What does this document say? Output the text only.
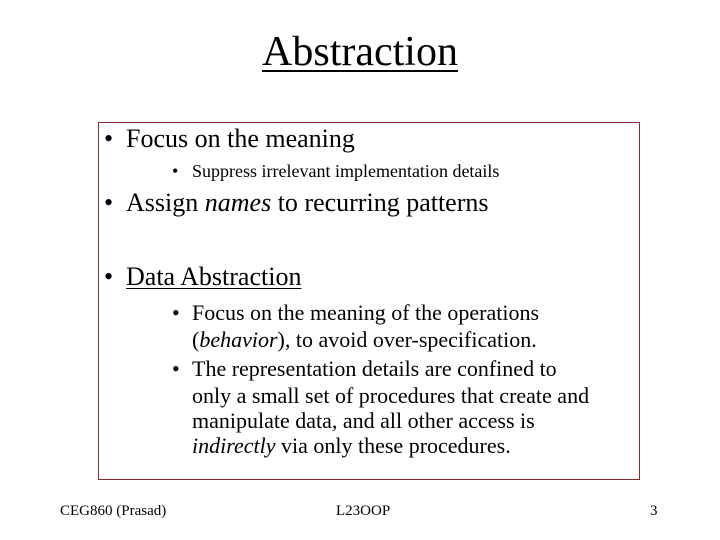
Abstraction
• Focus on the meaning
• Suppress irrelevant implementation details
• Assign names to recurring patterns
• Data Abstraction
• Focus on the meaning of the operations
(behavior), to avoid over-specification.
• The representation details are confined to
only a small set of procedures that create and
manipulate data, and all other access is
indirectly via only these procedures.
CEG860 (Prasad)	L23OOP	3
